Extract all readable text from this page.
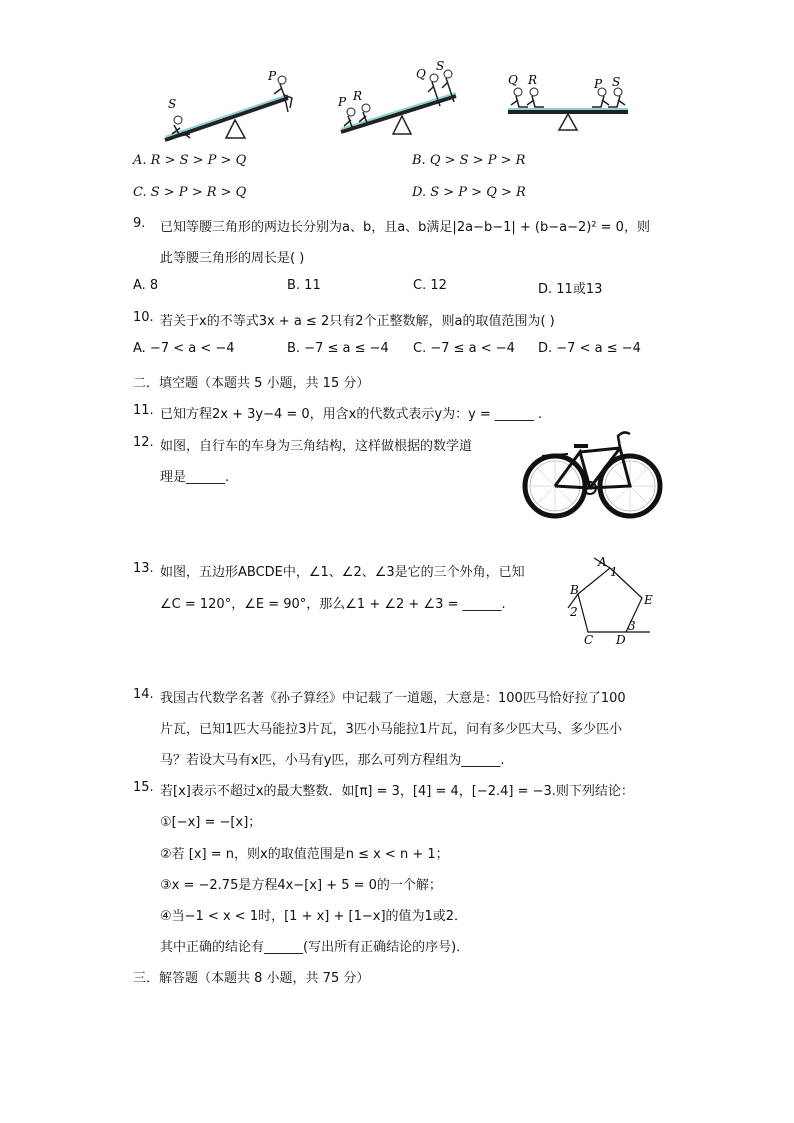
P
S
Q
S
P R
Q R	P S
A. R > S > P > Q	B. Q > S > P > R
C. S > P > R > Q	D. S > P > Q > R
9. 已知等腰三角形的两边长分别为a、b，且a、b满足|2a−b−1| + (b−a−2)² = 0，则
此等腰三角形的周长是( )
A. 8	B. 11	C. 12	D. 11或13
10. 若关于x的不等式3x + a ≤ 2只有2个正整数解，则a的取值范围为( )
A. −7 < a < −4	B. −7 ≤ a ≤ −4 C. −7 ≤ a < −4 D. −7 < a ≤ −4
二．填空题（本题共 5 小题，共 15 分）
11. 已知方程2x + 3y−4 = 0，用含x的代数式表示y为：y = ______ .
12. 如图，自行车的车身为三角结构，这样做根据的数学道
理是______.
13. 如图，五边形ABCDE中，∠1、∠2、∠3是它的三个外角，已知
∠C = 120°，∠E = 90°，那么∠1 + ∠2 + ∠3 = ______.
A
1
B
2
E
C D
3
14. 我国古代数学名著《孙子算经》中记载了一道题，大意是：100匹马恰好拉了100
片瓦，已知1匹大马能拉3片瓦，3匹小马能拉1片瓦，问有多少匹大马、多少匹小
马？若设大马有x匹，小马有y匹，那么可列方程组为______.
15. 若[x]表示不超过x的最大整数．如[π] = 3，[4] = 4，[−2.4] = −3.则下列结论：
①[−x] = −[x]；
②若 [x] = n，则x的取值范围是n ≤ x < n + 1；
③x = −2.75是方程4x−[x] + 5 = 0的一个解；
④当−1 < x < 1时，[1 + x] + [1−x]的值为1或2．
其中正确的结论有______(写出所有正确结论的序号)．
三．解答题（本题共 8 小题，共 75 分）
